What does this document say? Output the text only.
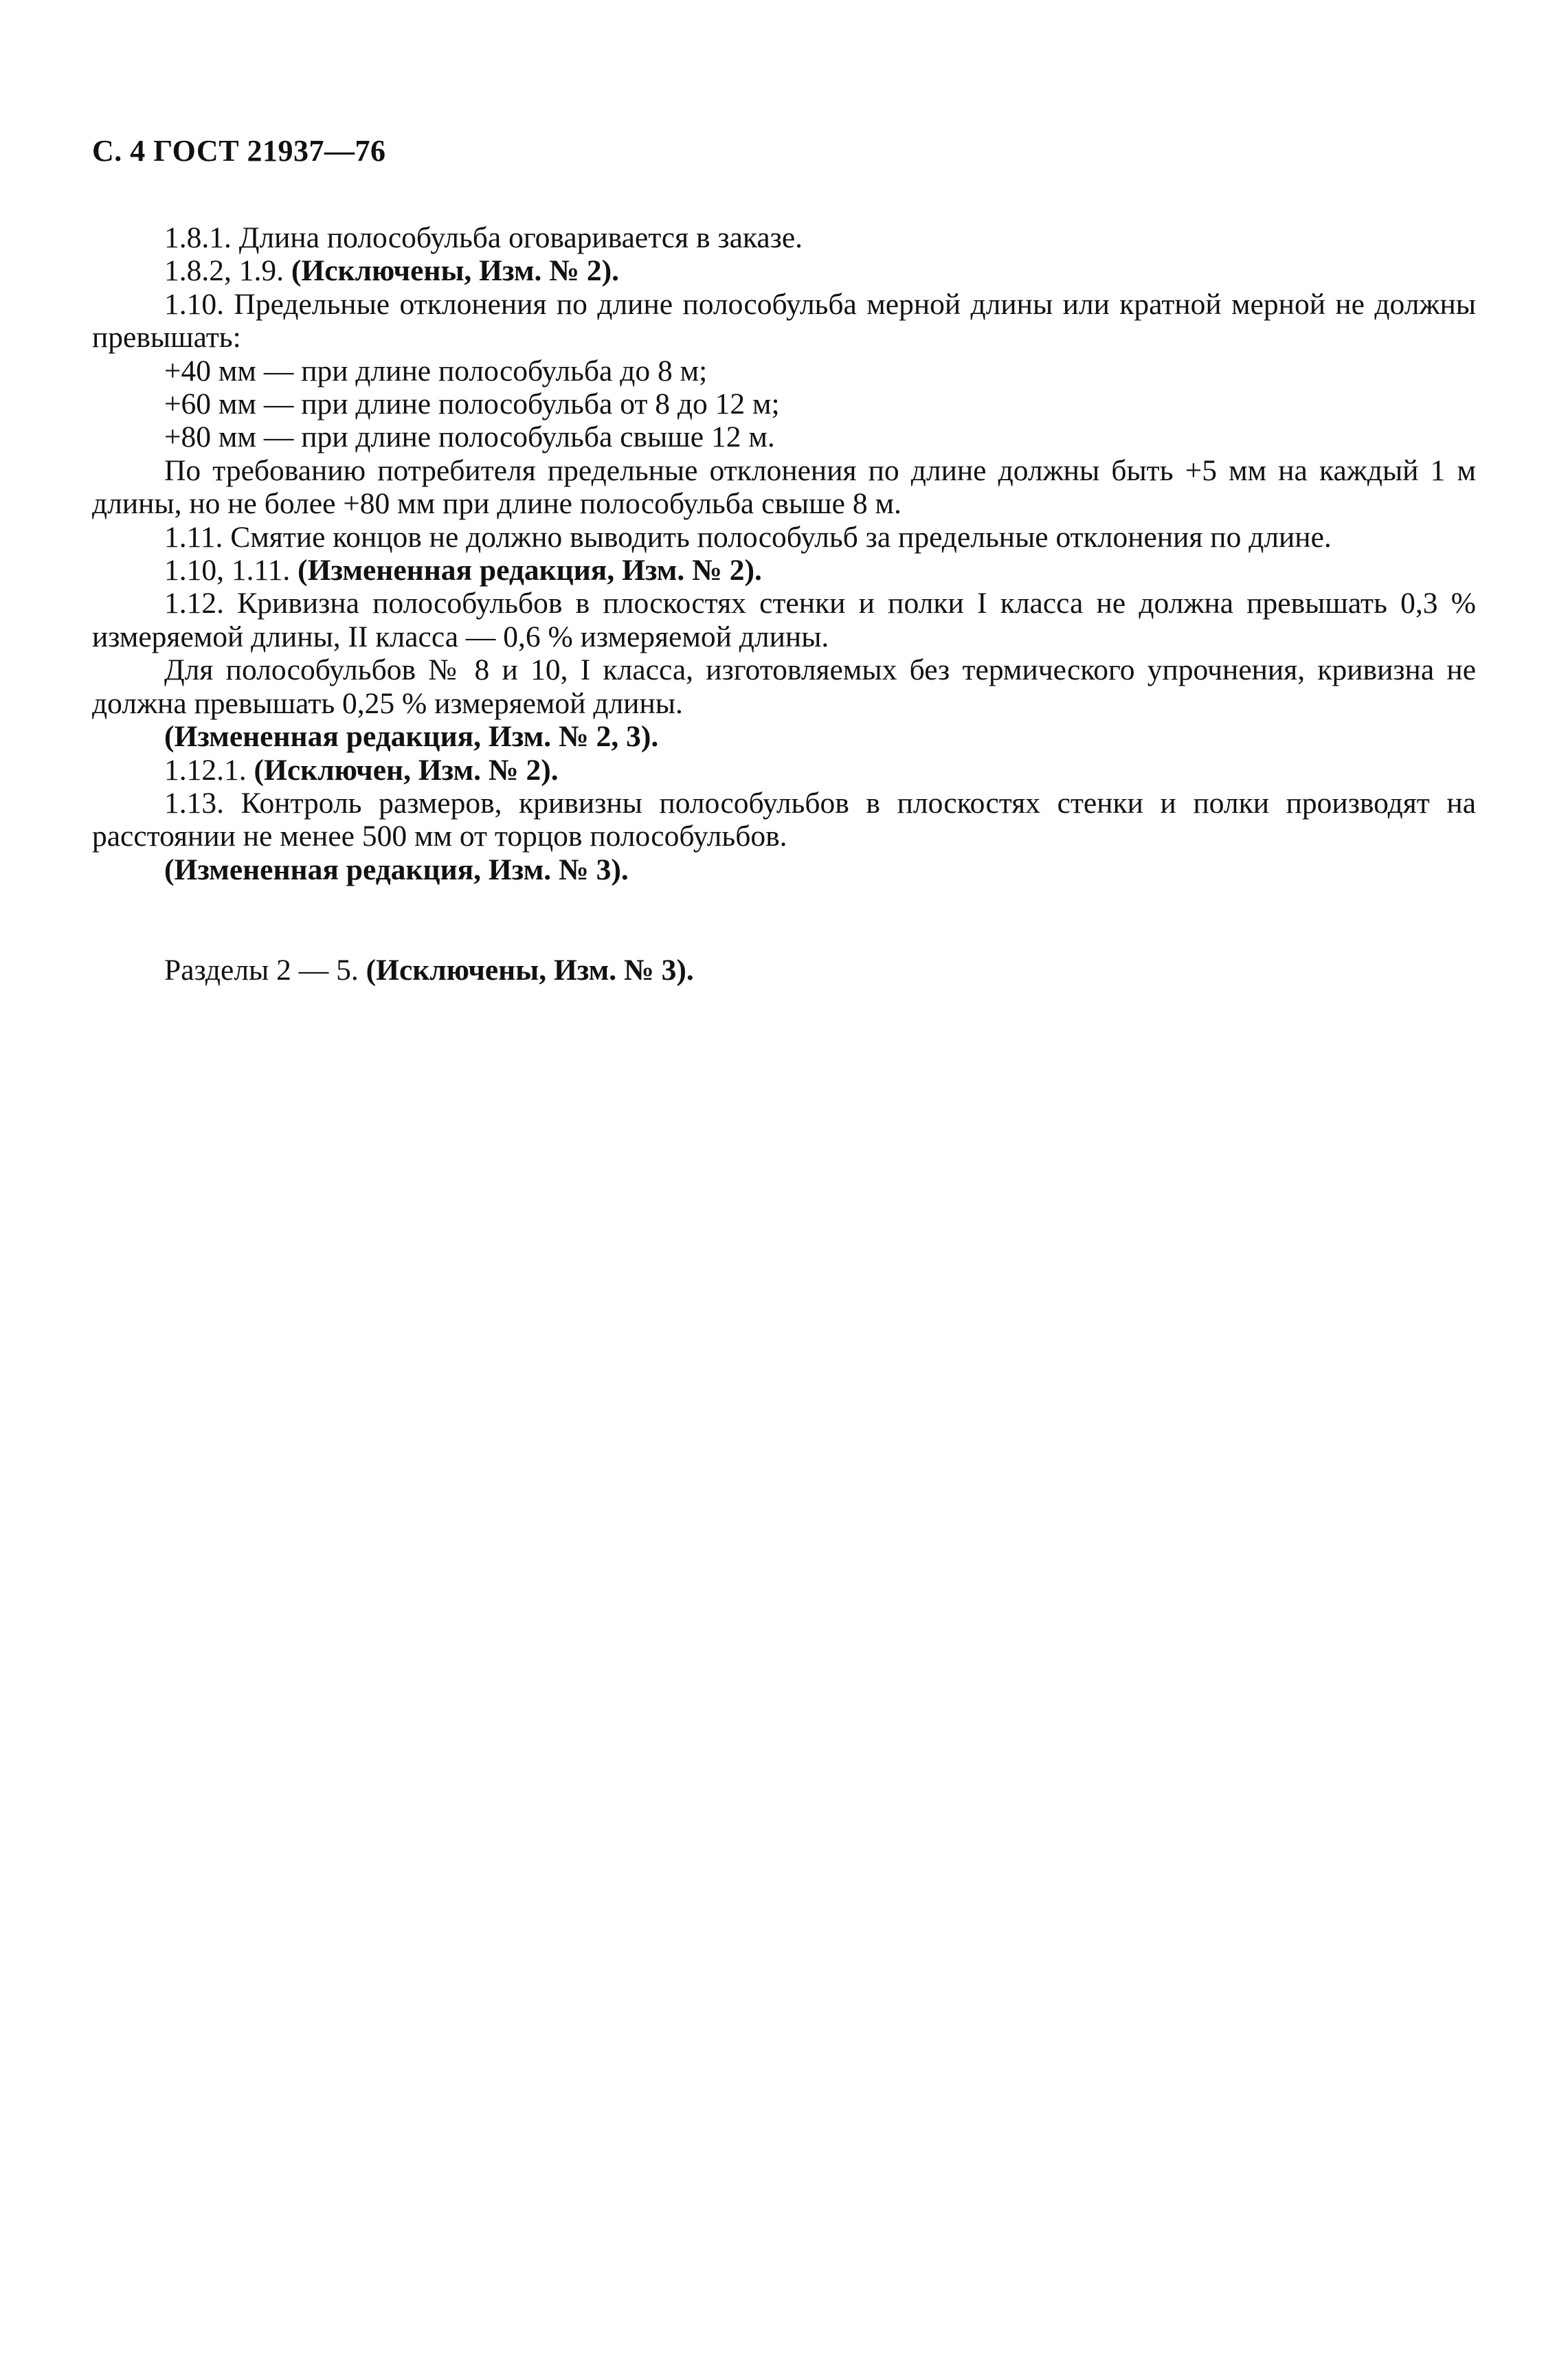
С. 4 ГОСТ 21937—76

1.8.1. Длина полособульба оговаривается в заказе.

1.8.2, 1.9. (Исключены, Изм. № 2).

1.10. Предельные отклонения по длине полособульба мерной длины или кратной мерной не должны превышать:

+40 мм — при длине полособульба до 8 м;

+60 мм — при длине полособульба от 8 до 12 м;

+80 мм — при длине полособульба свыше 12 м.

По требованию потребителя предельные отклонения по длине должны быть +5 мм на каждый 1 м длины, но не более +80 мм при длине полособульба свыше 8 м.

1.11. Смятие концов не должно выводить полособульб за предельные отклонения по длине.

1.10, 1.11. (Измененная редакция, Изм. № 2).

1.12. Кривизна полособульбов в плоскостях стенки и полки I класса не должна превышать 0,3 % измеряемой длины, II класса — 0,6 % измеряемой длины.

Для полособульбов № 8 и 10, I класса, изготовляемых без термического упрочнения, кривизна не должна превышать 0,25 % измеряемой длины.

(Измененная редакция, Изм. № 2, 3).

1.12.1. (Исключен, Изм. № 2).

1.13. Контроль размеров, кривизны полособульбов в плоскостях стенки и полки производят на расстоянии не менее 500 мм от торцов полособульбов.

(Измененная редакция, Изм. № 3).

Разделы 2 — 5. (Исключены, Изм. № 3).
